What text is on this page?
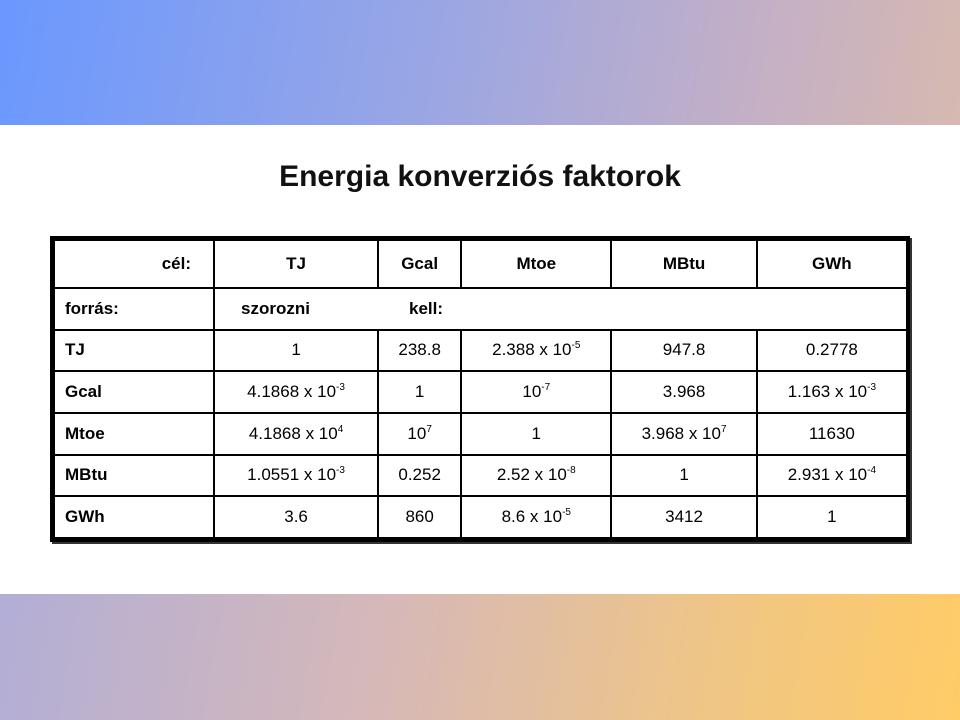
Energia konverziós faktorok
cél:	TJ	Gcal	Mtoe	MBtu	GWh
forrás:	szorozni kell:				
TJ	1	238.8	2.388 x $10^{-5}$	947.8	0.2778
Gcal	4.1868 x $10^{-3}$	1	$10^{-7}$	3.968	1.163 x $10^{-3}$
Mtoe	4.1868 x $10^4$	$10^7$	1	3.968 x $10^7$	11630
MBtu	1.0551 x $10^{-3}$	0.252	2.52 x $10^{-8}$	1	2.931 x $10^{-4}$
GWh	3.6	860	8.6 x $10^{-5}$	3412	1
